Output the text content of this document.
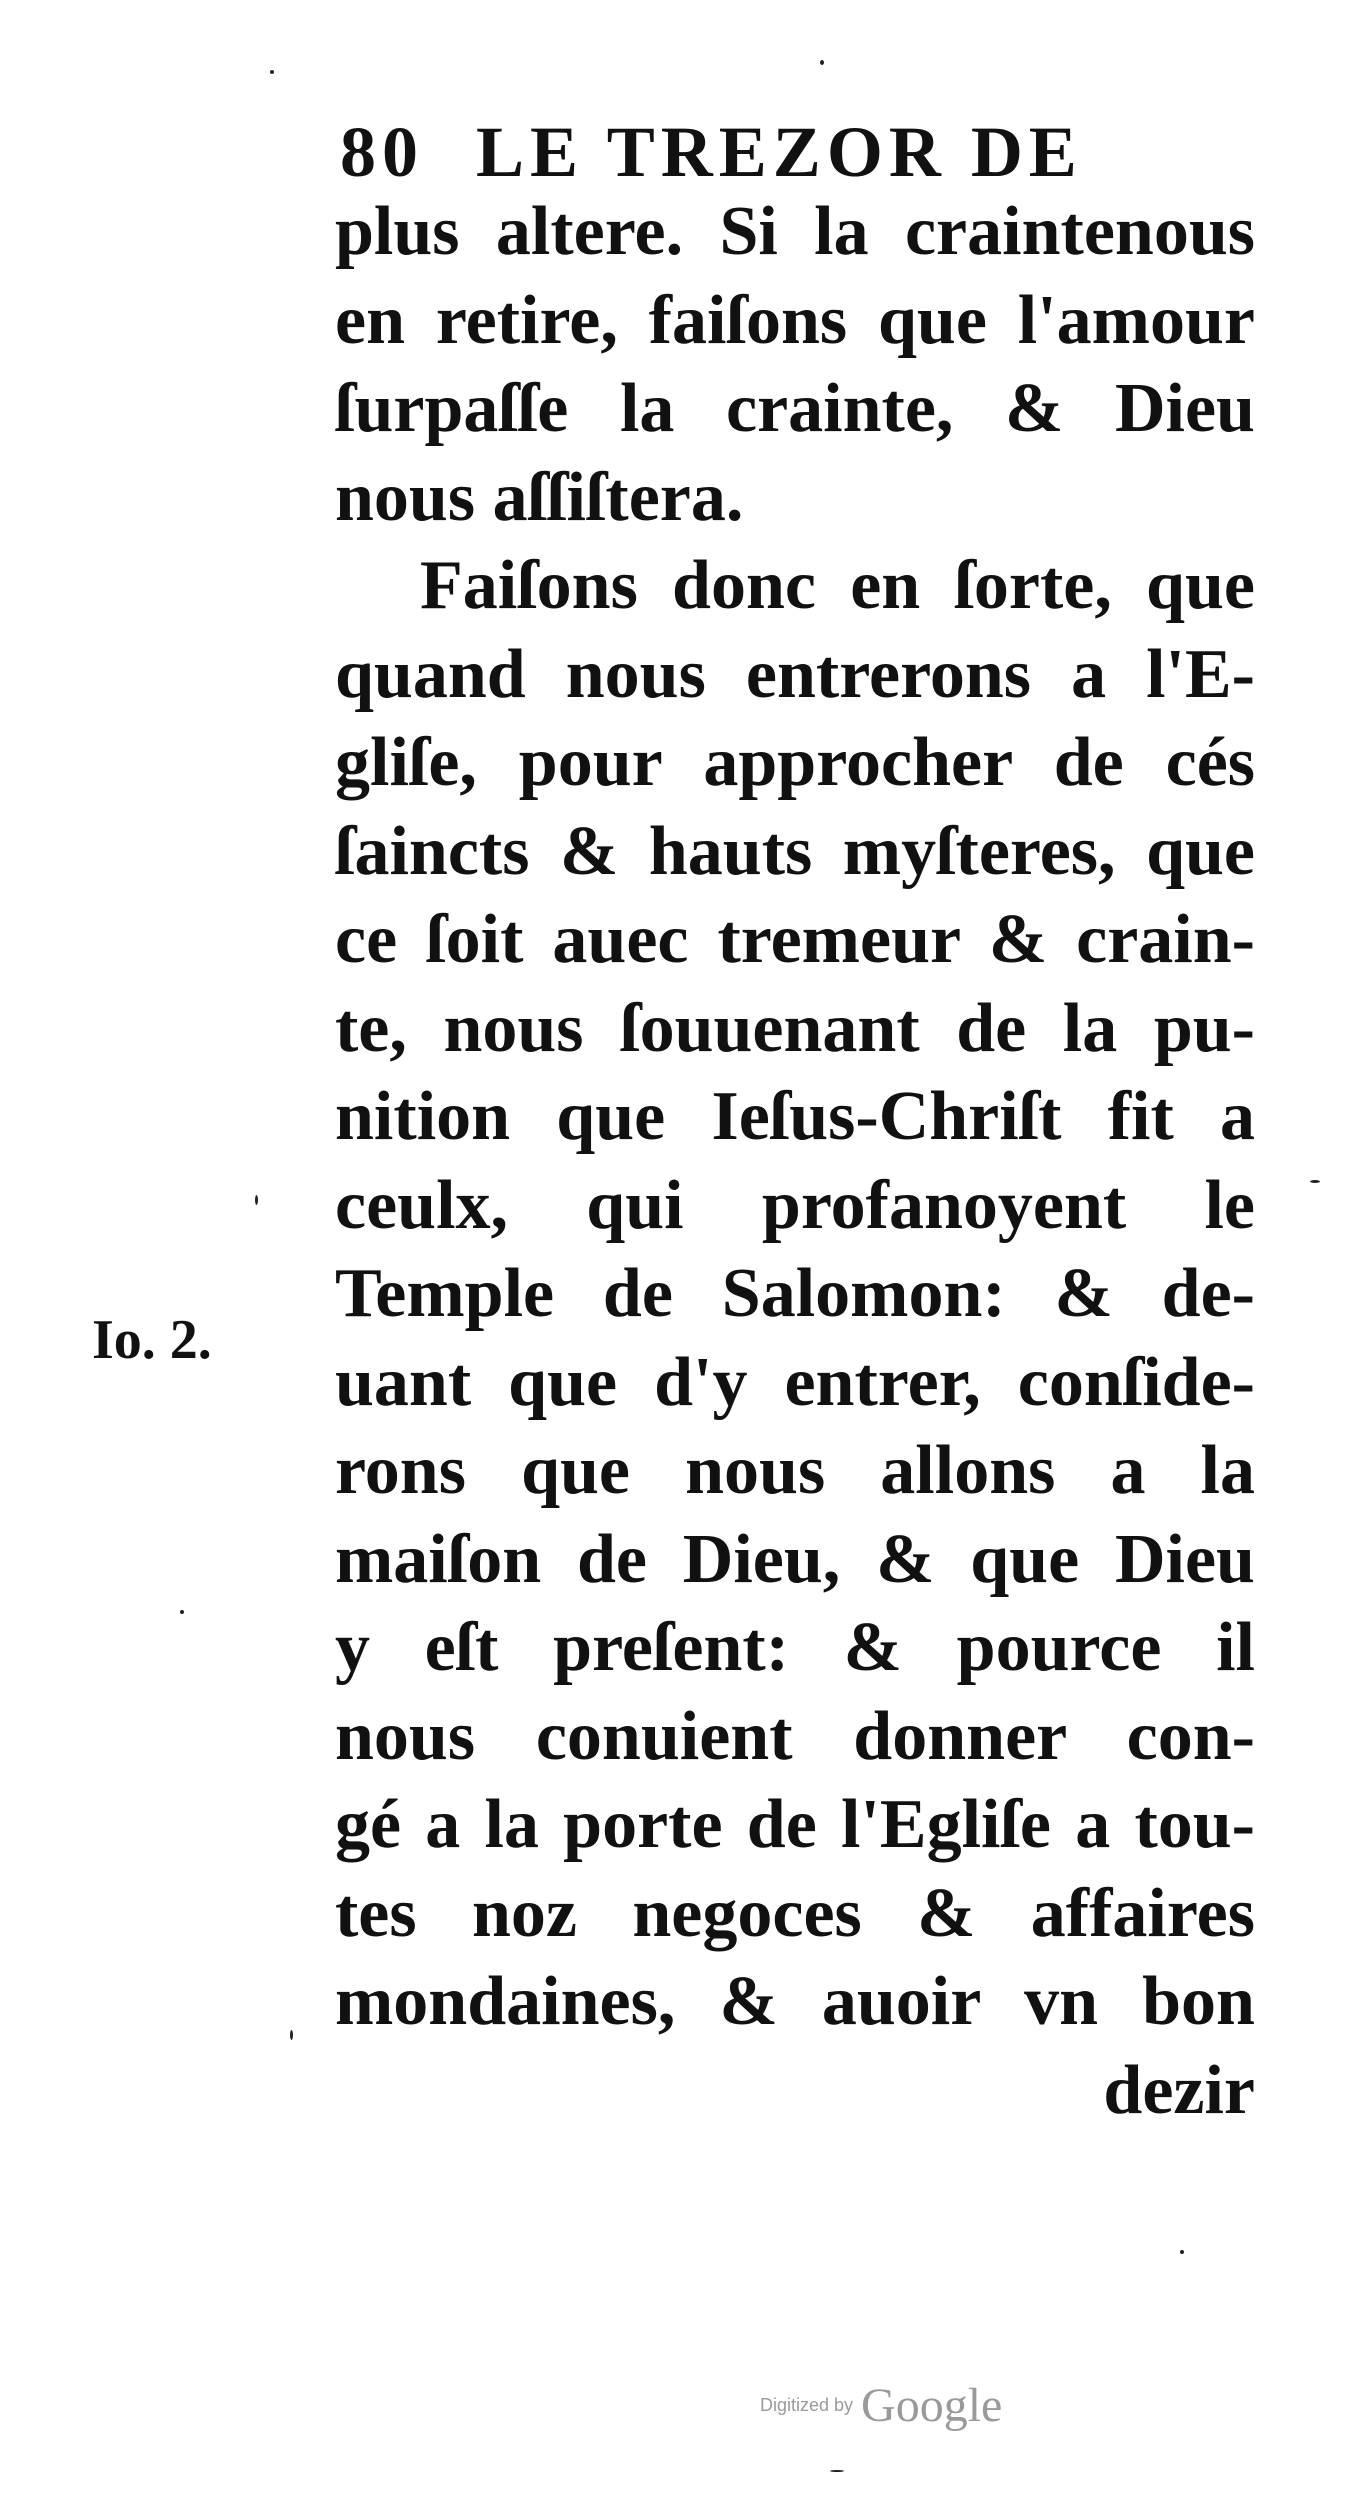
80 LE TREZOR DE
Io. 2.
plus altere. Si la craintenous
en retire, faiſons que l'amour
ſurpaſſe la crainte, & Dieu
nous aſſiſtera.
Faiſons donc en ſorte, que
quand nous entrerons a l'E-
gliſe, pour approcher de cés
ſaincts & hauts myſteres, que
ce ſoit auec tremeur & crain-
te, nous ſouuenant de la pu-
nition que Ieſus-Chriſt fit a
ceulx, qui profanoyent le
Temple de Salomon: & de-
uant que d'y entrer, conſide-
rons que nous allons a la
maiſon de Dieu, & que Dieu
y eſt preſent: & pource il
nous conuient donner con-
gé a la porte de l'Egliſe a tou-
tes noz negoces & affaires
mondaines, & auoir vn bon
dezir
Digitized by Google
